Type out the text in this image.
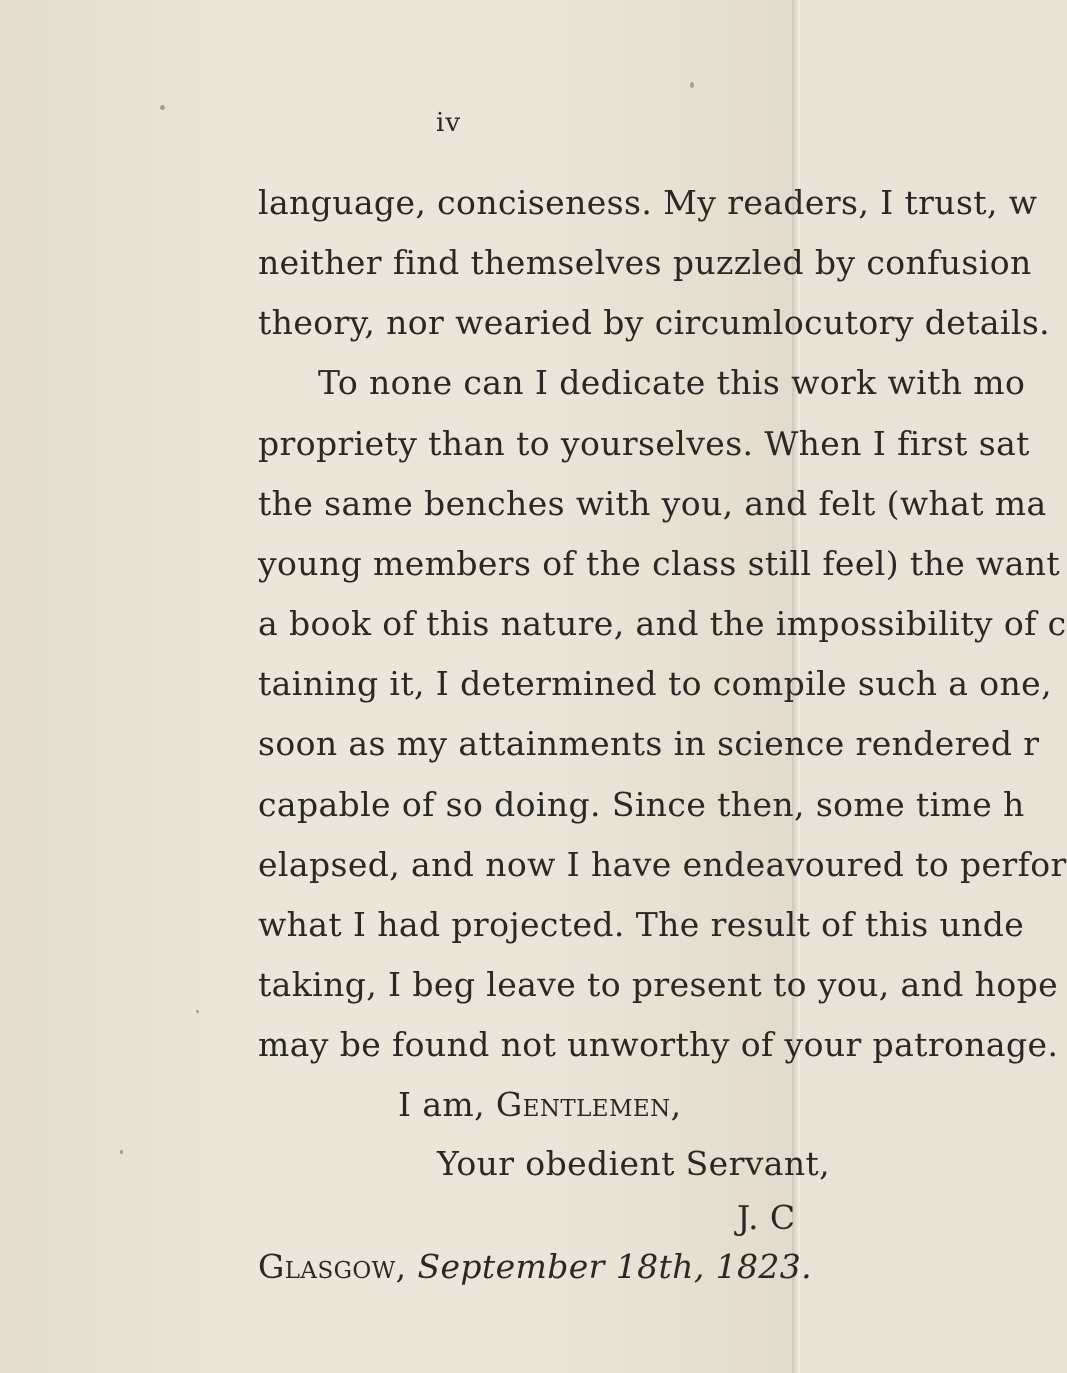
iv
language, conciseness. My readers, I trust, w
neither find themselves puzzled by confusion
theory, nor wearied by circumlocutory details.
To none can I dedicate this work with mo
propriety than to yourselves. When I first sat
the same benches with you, and felt (what ma
young members of the class still feel) the want
a book of this nature, and the impossibility of c
taining it, I determined to compile such a one,
soon as my attainments in science rendered r
capable of so doing. Since then, some time h
elapsed, and now I have endeavoured to perfor
what I had projected. The result of this unde
taking, I beg leave to present to you, and hope
may be found not unworthy of your patronage.
I am, Gentlemen,
Your obedient Servant,
J. C
Glasgow, September 18th, 1823.
